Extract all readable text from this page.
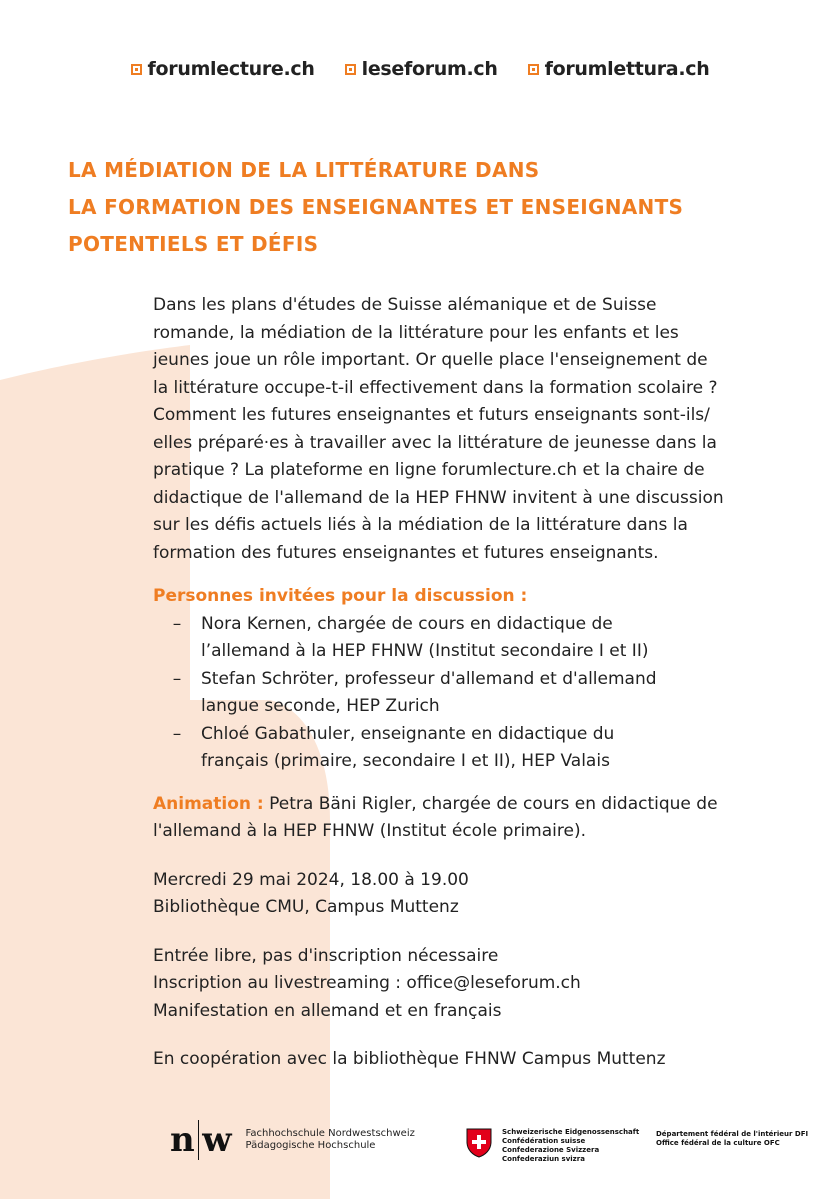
forumlecture.ch leseforum.ch forumlettura.ch
LA MÉDIATION DE LA LITTÉRATURE DANS
LA FORMATION DES ENSEIGNANTES ET ENSEIGNANTS
POTENTIELS ET DÉFIS
Dans les plans d'études de Suisse alémanique et de Suisse
romande, la médiation de la littérature pour les enfants et les
jeunes joue un rôle important. Or quelle place l'enseignement de
la littérature occupe-t-il effectivement dans la formation scolaire ?
Comment les futures enseignantes et futurs enseignants sont-ils/
elles préparé·es à travailler avec la littérature de jeunesse dans la
pratique ? La plateforme en ligne forumlecture.ch et la chaire de
didactique de l'allemand de la HEP FHNW invitent à une discussion
sur les défis actuels liés à la médiation de la littérature dans la
formation des futures enseignantes et futures enseignants.
Personnes invitées pour la discussion :
–	Nora Kernen, chargée de cours en didactique de
l’allemand à la HEP FHNW (Institut secondaire I et II)
–	Stefan Schröter, professeur d'allemand et d'allemand
langue seconde, HEP Zurich
–	Chloé Gabathuler, enseignante en didactique du
français (primaire, secondaire I et II), HEP Valais
Animation : Petra Bäni Rigler, chargée de cours en didactique de
l'allemand à la HEP FHNW (Institut école primaire).
Mercredi 29 mai 2024, 18.00 à 19.00
Bibliothèque CMU, Campus Muttenz
Entrée libre, pas d'inscription nécessaire
Inscription au livestreaming : office@leseforum.ch
Manifestation en allemand et en français
En coopération avec la bibliothèque FHNW Campus Muttenz
n w Fachhochschule Nordwestschweiz
Pädagogische Hochschule
Schweizerische Eidgenossenschaft
Confédération suisse
Confederazione Svizzera
Confederaziun svizra
Département fédéral de l'intérieur DFI
Office fédéral de la culture OFC
